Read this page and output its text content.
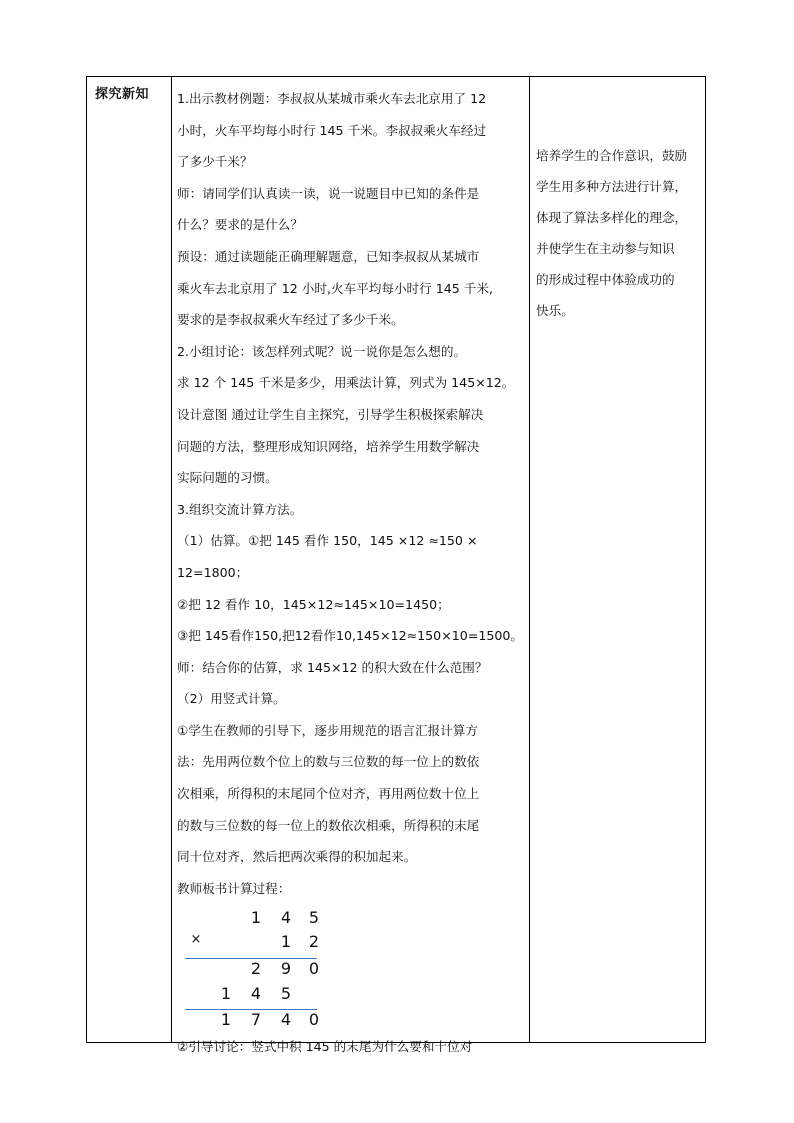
探究新知	1.出示教材例题：李叔叔从某城市乘火车去北京用了 12
小时，火车平均每小时行 145 千米。李叔叔乘火车经过
了多少千米？
师：请同学们认真读一读，说一说题目中已知的条件是
什么？要求的是什么？
预设：通过读题能正确理解题意，已知李叔叔从某城市
乘火车去北京用了 12 小时,火车平均每小时行 145 千米,
要求的是李叔叔乘火车经过了多少千米。
2.小组讨论：该怎样列式呢？说一说你是怎么想的。
求 12 个 145 千米是多少，用乘法计算，列式为 145×12。
设计意图 通过让学生自主探究，引导学生积极探索解决
问题的方法，整理形成知识网络，培养学生用数学解决
实际问题的习惯。
3.组织交流计算方法。
（1）估算。①把 145 看作 150，145 ×12 ≈150 ×
12=1800；
②把 12 看作 10，145×12≈145×10=1450；
③把 145看作150,把12看作10,145×12≈150×10=1500。
师：结合你的估算，求 145×12 的积大致在什么范围？
（2）用竖式计算。
①学生在教师的引导下，逐步用规范的语言汇报计算方
法：先用两位数个位上的数与三位数的每一位上的数依
次相乘，所得积的末尾同个位对齐，再用两位数十位上
的数与三位数的每一位上的数依次相乘，所得积的末尾
同十位对齐，然后把两次乘得的积加起来。
教师板书计算过程：
1 4 5
×	1 2
2 9 0
1 4 5
1 7 4 0
②引导讨论：竖式中积 145 的末尾为什么要和十位对
培养学生的合作意识，鼓励
学生用多种方法进行计算，
体现了算法多样化的理念，
并使学生在主动参与知识
的形成过程中体验成功的
快乐。
